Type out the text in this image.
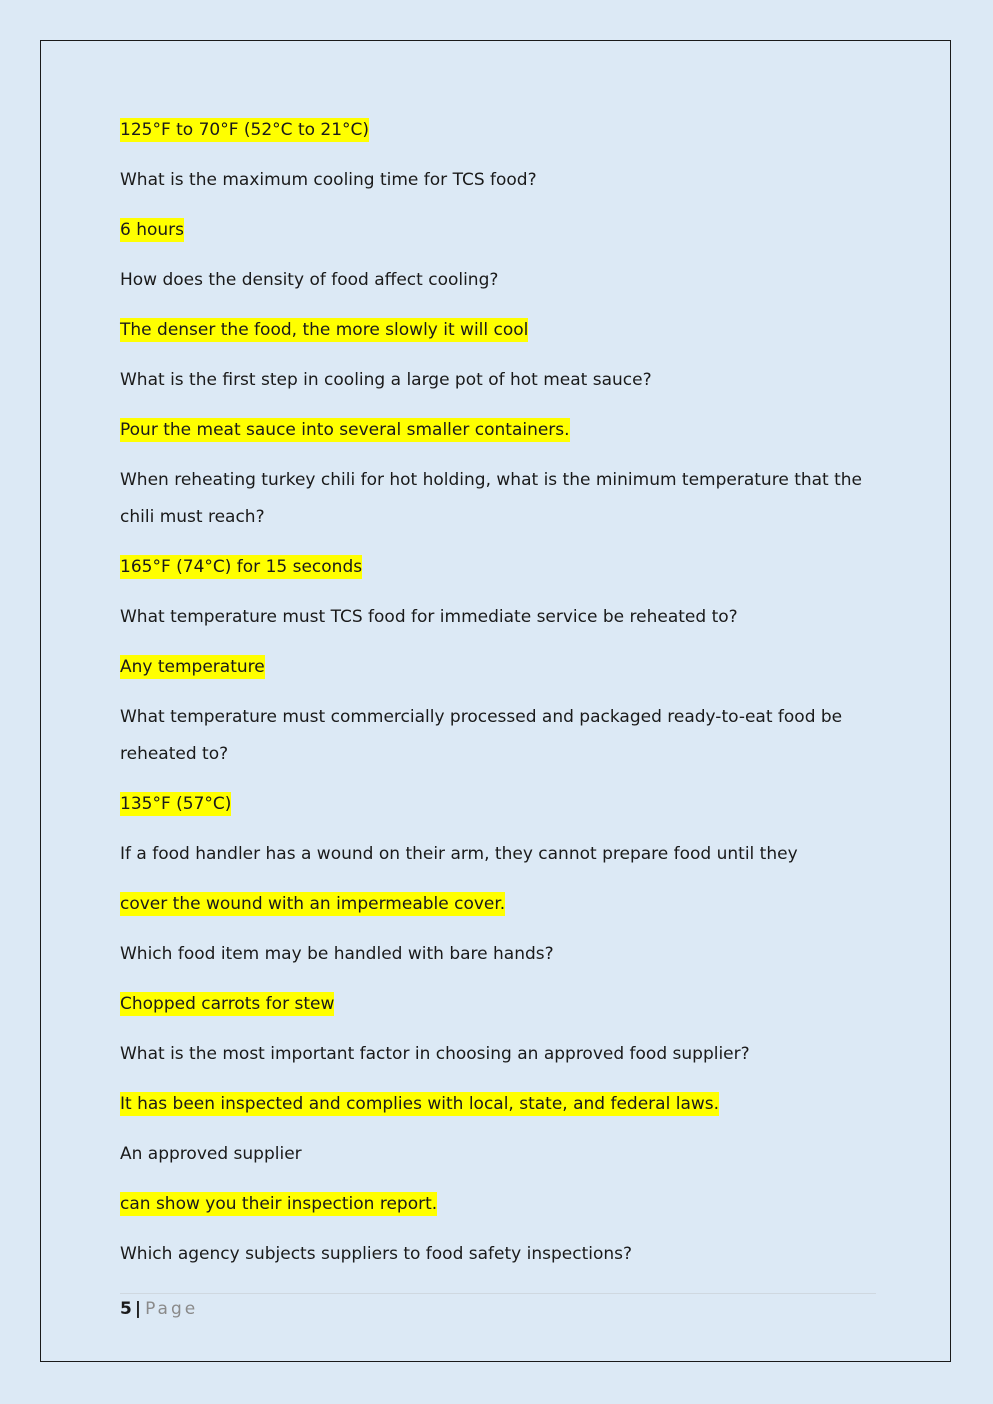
125°F to 70°F (52°C to 21°C)

What is the maximum cooling time for TCS food?

6 hours

How does the density of food affect cooling?

The denser the food, the more slowly it will cool

What is the first step in cooling a large pot of hot meat sauce?

Pour the meat sauce into several smaller containers.

When reheating turkey chili for hot holding, what is the minimum temperature that the chili must reach?

165°F (74°C) for 15 seconds

What temperature must TCS food for immediate service be reheated to?

Any temperature

What temperature must commercially processed and packaged ready-to-eat food be reheated to?

135°F (57°C)

If a food handler has a wound on their arm, they cannot prepare food until they

cover the wound with an impermeable cover.

Which food item may be handled with bare hands?

Chopped carrots for stew

What is the most important factor in choosing an approved food supplier?

It has been inspected and complies with local, state, and federal laws.

An approved supplier

can show you their inspection report.

Which agency subjects suppliers to food safety inspections?

5 | Page
